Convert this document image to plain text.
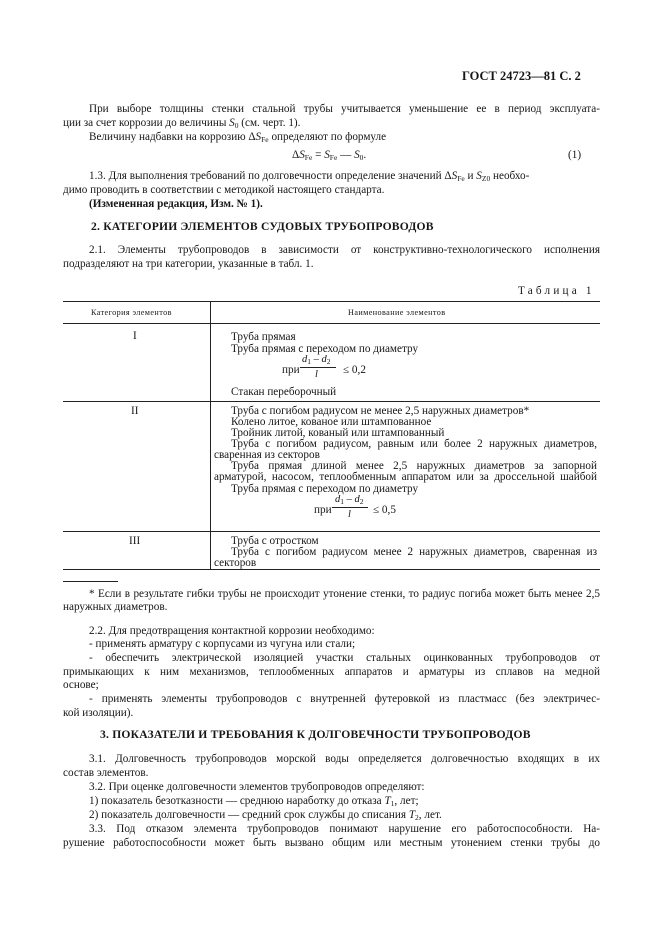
ГОСТ 24723—81 С. 2
При выборе толщины стенки стальной трубы учитывается уменьшение ее в период эксплуата-
ции за счет коррозии до величины $S_0$ (см. черт. 1).
Величину надбавки на коррозию $\Delta S_{Fe}$ определяют по формуле
$\Delta S_{Fe} = S_{Fe}$ — $S_0$.	(1)
1.3. Для выполнения требований по долговечности определение значений $\Delta S_{Fe}$ и $S_{Z0}$ необхо-
димо проводить в соответствии с методикой настоящего стандарта.
(Измененная редакция, Изм. № 1).
2. КАТЕГОРИИ ЭЛЕМЕНТОВ СУДОВЫХ ТРУБОПРОВОДОВ
2.1. Элементы трубопроводов в зависимости от конструктивно-технологического исполнения
подразделяют на три категории, указанные в табл. 1.
Таблица 1
Категория элементов	Наименование элементов
I
II
III
Труба прямая
Труба прямая с переходом по диаметру
при
$d_1 - d_2$
l ≤ 0,2
Стакан переборочный
Труба с погибом радиусом не менее 2,5 наружных диаметров*
Колено литое, кованое или штампованное
Тройник литой, кованый или штампованный
Труба с погибом радиусом, равным или более 2 наружных диаметров,
сваренная из секторов
Труба прямая длиной менее 2,5 наружных диаметров за запорной
арматурой, насосом, теплообменным аппаратом или за дроссельной шайбой
Труба прямая с переходом по диаметру
при
$d_1 - d_2$
l ≤ 0,5
Труба с отростком
Труба с погибом радиусом менее 2 наружных диаметров, сваренная из
секторов
* Если в результате гибки трубы не происходит утонение стенки, то радиус погиба может быть менее 2,5
наружных диаметров.
2.2. Для предотвращения контактной коррозии необходимо:
- применять арматуру с корпусами из чугуна или стали;
- обеспечить электрической изоляцией участки стальных оцинкованных трубопроводов от
примыкающих к ним механизмов, теплообменных аппаратов и арматуры из сплавов на медной
основе;
- применять элементы трубопроводов с внутренней футеровкой из пластмасс (без электричес-
кой изоляции).
3. ПОКАЗАТЕЛИ И ТРЕБОВАНИЯ К ДОЛГОВЕЧНОСТИ ТРУБОПРОВОДОВ
3.1. Долговечность трубопроводов морской воды определяется долговечностью входящих в их
состав элементов.
3.2. При оценке долговечности элементов трубопроводов определяют:
1) показатель безотказности — среднюю наработку до отказа $T_1$, лет;
2) показатель долговечности — средний срок службы до списания $T_2$, лет.
3.3. Под отказом элемента трубопроводов понимают нарушение его работоспособности. На-
рушение работоспособности может быть вызвано общим или местным утонением стенки трубы до
